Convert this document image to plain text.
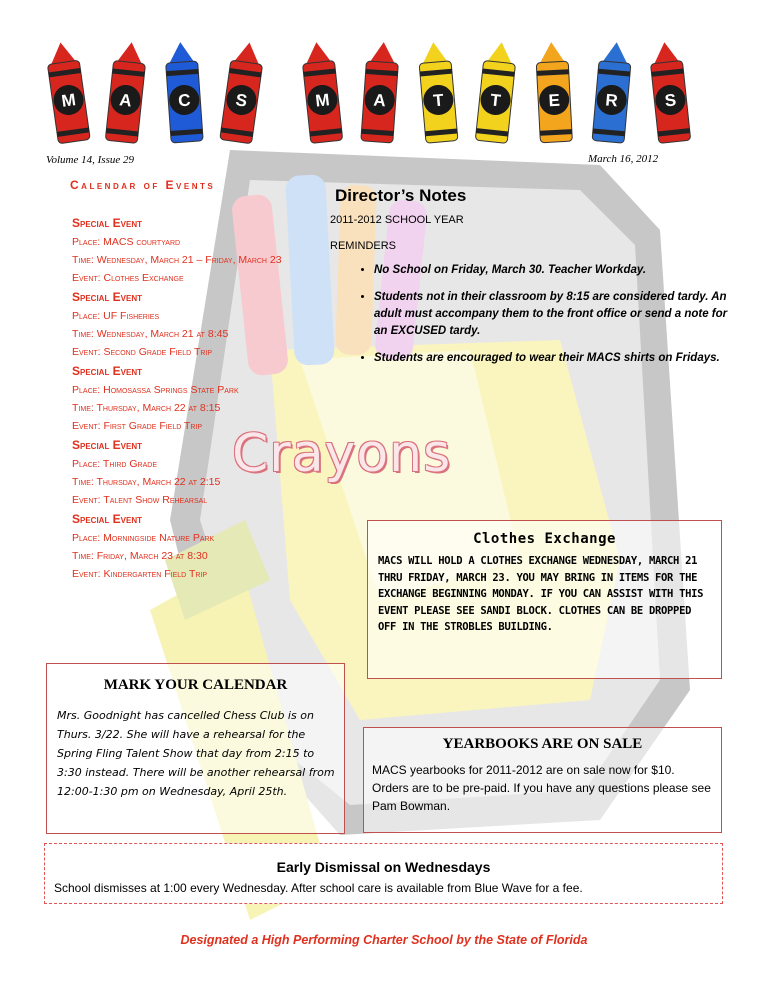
M A	C	S	M A	T	T	E	R	S
Volume 14, Issue 29	March 16, 2012
Crayons
Calendar of Events
Special Event
Place: MACS courtyard
Time: Wednesday, March 21 – Friday, March 23
Event: Clothes Exchange
Special Event
Place: UF Fisheries
Time: Wednesday, March 21 at 8:45
Event: Second Grade Field Trip
Special Event
Place: Homosassa Springs State Park
Time: Thursday, March 22 at 8:15
Event: First Grade Field Trip
Special Event
Place: Third Grade
Time: Thursday, March 22 at 2:15
Event: Talent Show Rehearsal
Special Event
Place: Morningside Nature Park
Time: Friday, March 23 at 8:30
Event: Kindergarten Field Trip
Director’s Notes
2011-2012 SCHOOL YEAR
REMINDERS
• No School on Friday, March 30. Teacher Workday.
• Students not in their classroom by 8:15 are considered tardy. An adult must accompany them to the front office or send a note for an EXCUSED tardy.
• Students are encouraged to wear their MACS shirts on Fridays.
Clothes Exchange
MACS WILL HOLD A CLOTHES EXCHANGE WEDNESDAY, MARCH 21 THRU FRIDAY, MARCH 23. YOU MAY BRING IN ITEMS FOR THE EXCHANGE BEGINNING MONDAY. IF YOU CAN ASSIST WITH THIS EVENT PLEASE SEE SANDI BLOCK. CLOTHES CAN BE DROPPED OFF IN THE STROBLES BUILDING.
MARK YOUR CALENDAR
Mrs. Goodnight has cancelled Chess Club is on Thurs. 3/22. She will have a rehearsal for the Spring Fling Talent Show that day from 2:15 to 3:30 instead. There will be another rehearsal from 12:00-1:30 pm on Wednesday, April 25th.
YEARBOOKS ARE ON SALE
MACS yearbooks for 2011-2012 are on sale now for $10. Orders are to be pre-paid. If you have any questions please see Pam Bowman.
Early Dismissal on Wednesdays
School dismisses at 1:00 every Wednesday. After school care is available from Blue Wave for a fee.
Designated a High Performing Charter School by the State of Florida
